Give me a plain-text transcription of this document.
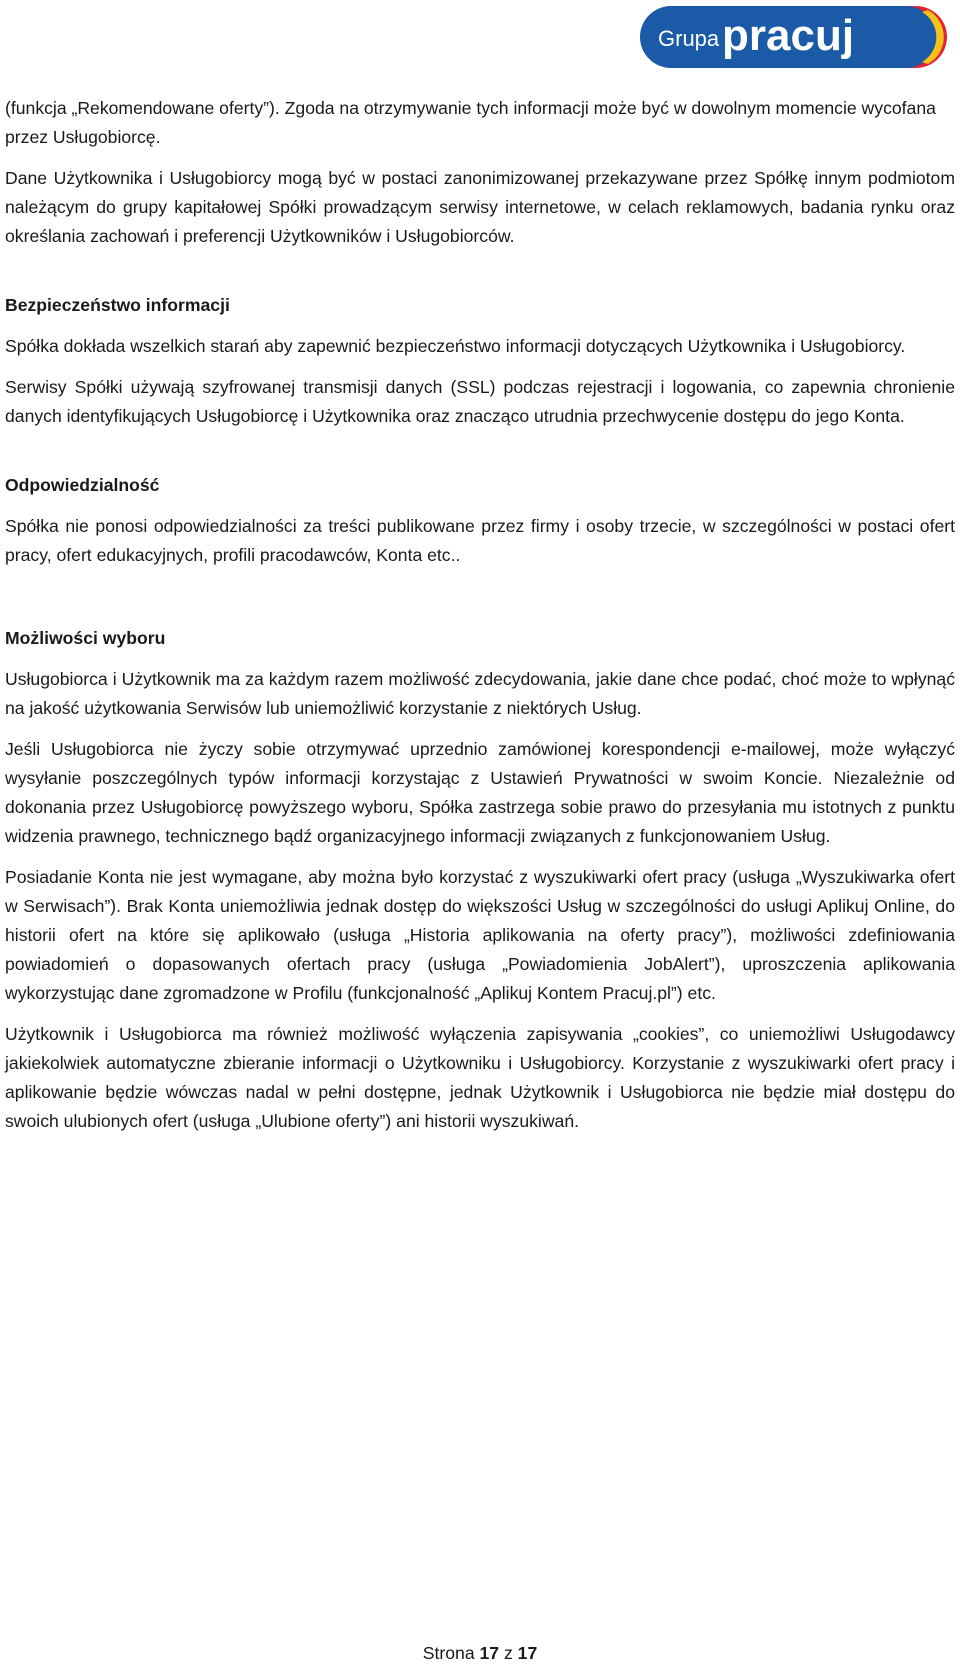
Grupa pracuj

(funkcja „Rekomendowane oferty”). Zgoda na otrzymywanie tych informacji może być w dowolnym momencie wycofana przez Usługobiorcę.

Dane Użytkownika i Usługobiorcy mogą być w postaci zanonimizowanej przekazywane przez Spółkę innym podmiotom należącym do grupy kapitałowej Spółki prowadzącym serwisy internetowe, w celach reklamowych, badania rynku oraz określania zachowań i preferencji Użytkowników i Usługobiorców.

Bezpieczeństwo informacji

Spółka dokłada wszelkich starań aby zapewnić bezpieczeństwo informacji dotyczących Użytkownika i Usługobiorcy.

Serwisy Spółki używają szyfrowanej transmisji danych (SSL) podczas rejestracji i logowania, co zapewnia chronienie danych identyfikujących Usługobiorcę i Użytkownika oraz znacząco utrudnia przechwycenie dostępu do jego Konta.

Odpowiedzialność

Spółka nie ponosi odpowiedzialności za treści publikowane przez firmy i osoby trzecie, w szczególności w postaci ofert pracy, ofert edukacyjnych, profili pracodawców, Konta etc..

Możliwości wyboru

Usługobiorca i Użytkownik ma za każdym razem możliwość zdecydowania, jakie dane chce podać, choć może to wpłynąć na jakość użytkowania Serwisów lub uniemożliwić korzystanie z niektórych Usług.

Jeśli Usługobiorca nie życzy sobie otrzymywać uprzednio zamówionej korespondencji e-mailowej, może wyłączyć wysyłanie poszczególnych typów informacji korzystając z Ustawień Prywatności w swoim Koncie. Niezależnie od dokonania przez Usługobiorcę powyższego wyboru, Spółka zastrzega sobie prawo do przesyłania mu istotnych z punktu widzenia prawnego, technicznego bądź organizacyjnego informacji związanych z funkcjonowaniem Usług.

Posiadanie Konta nie jest wymagane, aby można było korzystać z wyszukiwarki ofert pracy (usługa „Wyszukiwarka ofert w Serwisach”). Brak Konta uniemożliwia jednak dostęp do większości Usług w szczególności do usługi Aplikuj Online, do historii ofert na które się aplikowało (usługa „Historia aplikowania na oferty pracy”), możliwości zdefiniowania powiadomień o dopasowanych ofertach pracy (usługa „Powiadomienia JobAlert”), uproszczenia aplikowania wykorzystując dane zgromadzone w Profilu (funkcjonalność „Aplikuj Kontem Pracuj.pl”) etc.

Użytkownik i Usługobiorca ma również możliwość wyłączenia zapisywania „cookies”, co uniemożliwi Usługodawcy jakiekolwiek automatyczne zbieranie informacji o Użytkowniku i Usługobiorcy. Korzystanie z wyszukiwarki ofert pracy i aplikowanie będzie wówczas nadal w pełni dostępne, jednak Użytkownik i Usługobiorca nie będzie miał dostępu do swoich ulubionych ofert (usługa „Ulubione oferty”) ani historii wyszukiwań.

Strona 17 z 17
